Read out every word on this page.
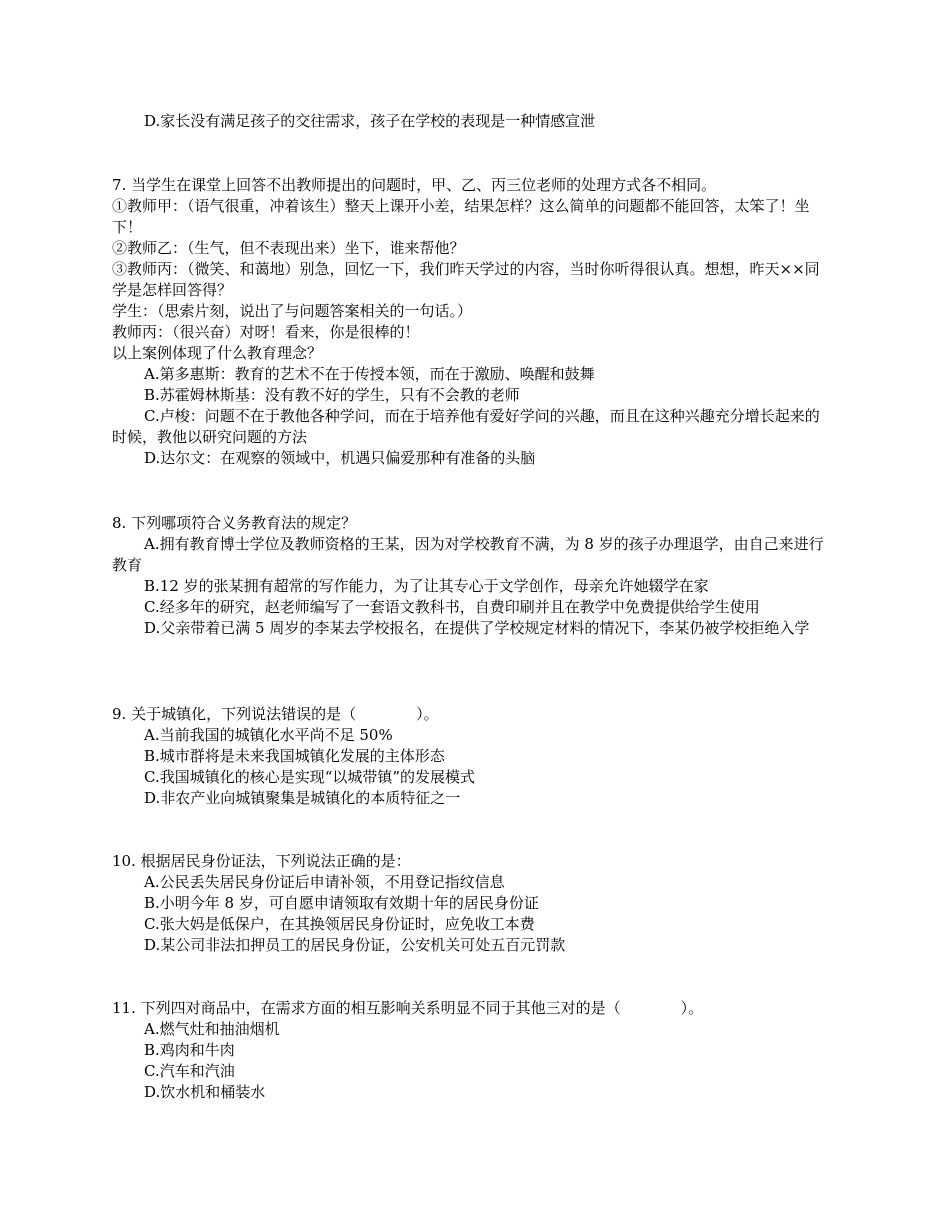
D.家长没有满足孩子的交往需求，孩子在学校的表现是一种情感宣泄
7. 当学生在课堂上回答不出教师提出的问题时，甲、乙、丙三位老师的处理方式各不相同。
①教师甲：（语气很重，冲着该生）整天上课开小差，结果怎样？这么简单的问题都不能回答，太笨了！坐下！
②教师乙：（生气，但不表现出来）坐下，谁来帮他？
③教师丙：（微笑、和蔼地）别急，回忆一下，我们昨天学过的内容，当时你听得很认真。想想，昨天××同学是怎样回答得？
学生：（思索片刻，说出了与问题答案相关的一句话。）
教师丙：（很兴奋）对呀！看来，你是很棒的！
以上案例体现了什么教育理念？
A.第多惠斯：教育的艺术不在于传授本领，而在于激励、唤醒和鼓舞
B.苏霍姆林斯基：没有教不好的学生，只有不会教的老师
C.卢梭：问题不在于教他各种学问，而在于培养他有爱好学问的兴趣，而且在这种兴趣充分增长起来的时候，教他以研究问题的方法
D.达尔文：在观察的领域中，机遇只偏爱那种有准备的头脑
8. 下列哪项符合义务教育法的规定？
A.拥有教育博士学位及教师资格的王某，因为对学校教育不满，为 8 岁的孩子办理退学，由自己来进行教育
B.12 岁的张某拥有超常的写作能力，为了让其专心于文学创作，母亲允许她辍学在家
C.经多年的研究，赵老师编写了一套语文教科书，自费印刷并且在教学中免费提供给学生使用
D.父亲带着已满 5 周岁的李某去学校报名，在提供了学校规定材料的情况下，李某仍被学校拒绝入学
9. 关于城镇化，下列说法错误的是（　　　　）。
A.当前我国的城镇化水平尚不足 50%
B.城市群将是未来我国城镇化发展的主体形态
C.我国城镇化的核心是实现“以城带镇”的发展模式
D.非农产业向城镇聚集是城镇化的本质特征之一
10. 根据居民身份证法，下列说法正确的是：
A.公民丢失居民身份证后申请补领，不用登记指纹信息
B.小明今年 8 岁，可自愿申请领取有效期十年的居民身份证
C.张大妈是低保户，在其换领居民身份证时，应免收工本费
D.某公司非法扣押员工的居民身份证，公安机关可处五百元罚款
11. 下列四对商品中，在需求方面的相互影响关系明显不同于其他三对的是（　　　　）。
A.燃气灶和抽油烟机
B.鸡肉和牛肉
C.汽车和汽油
D.饮水机和桶装水
